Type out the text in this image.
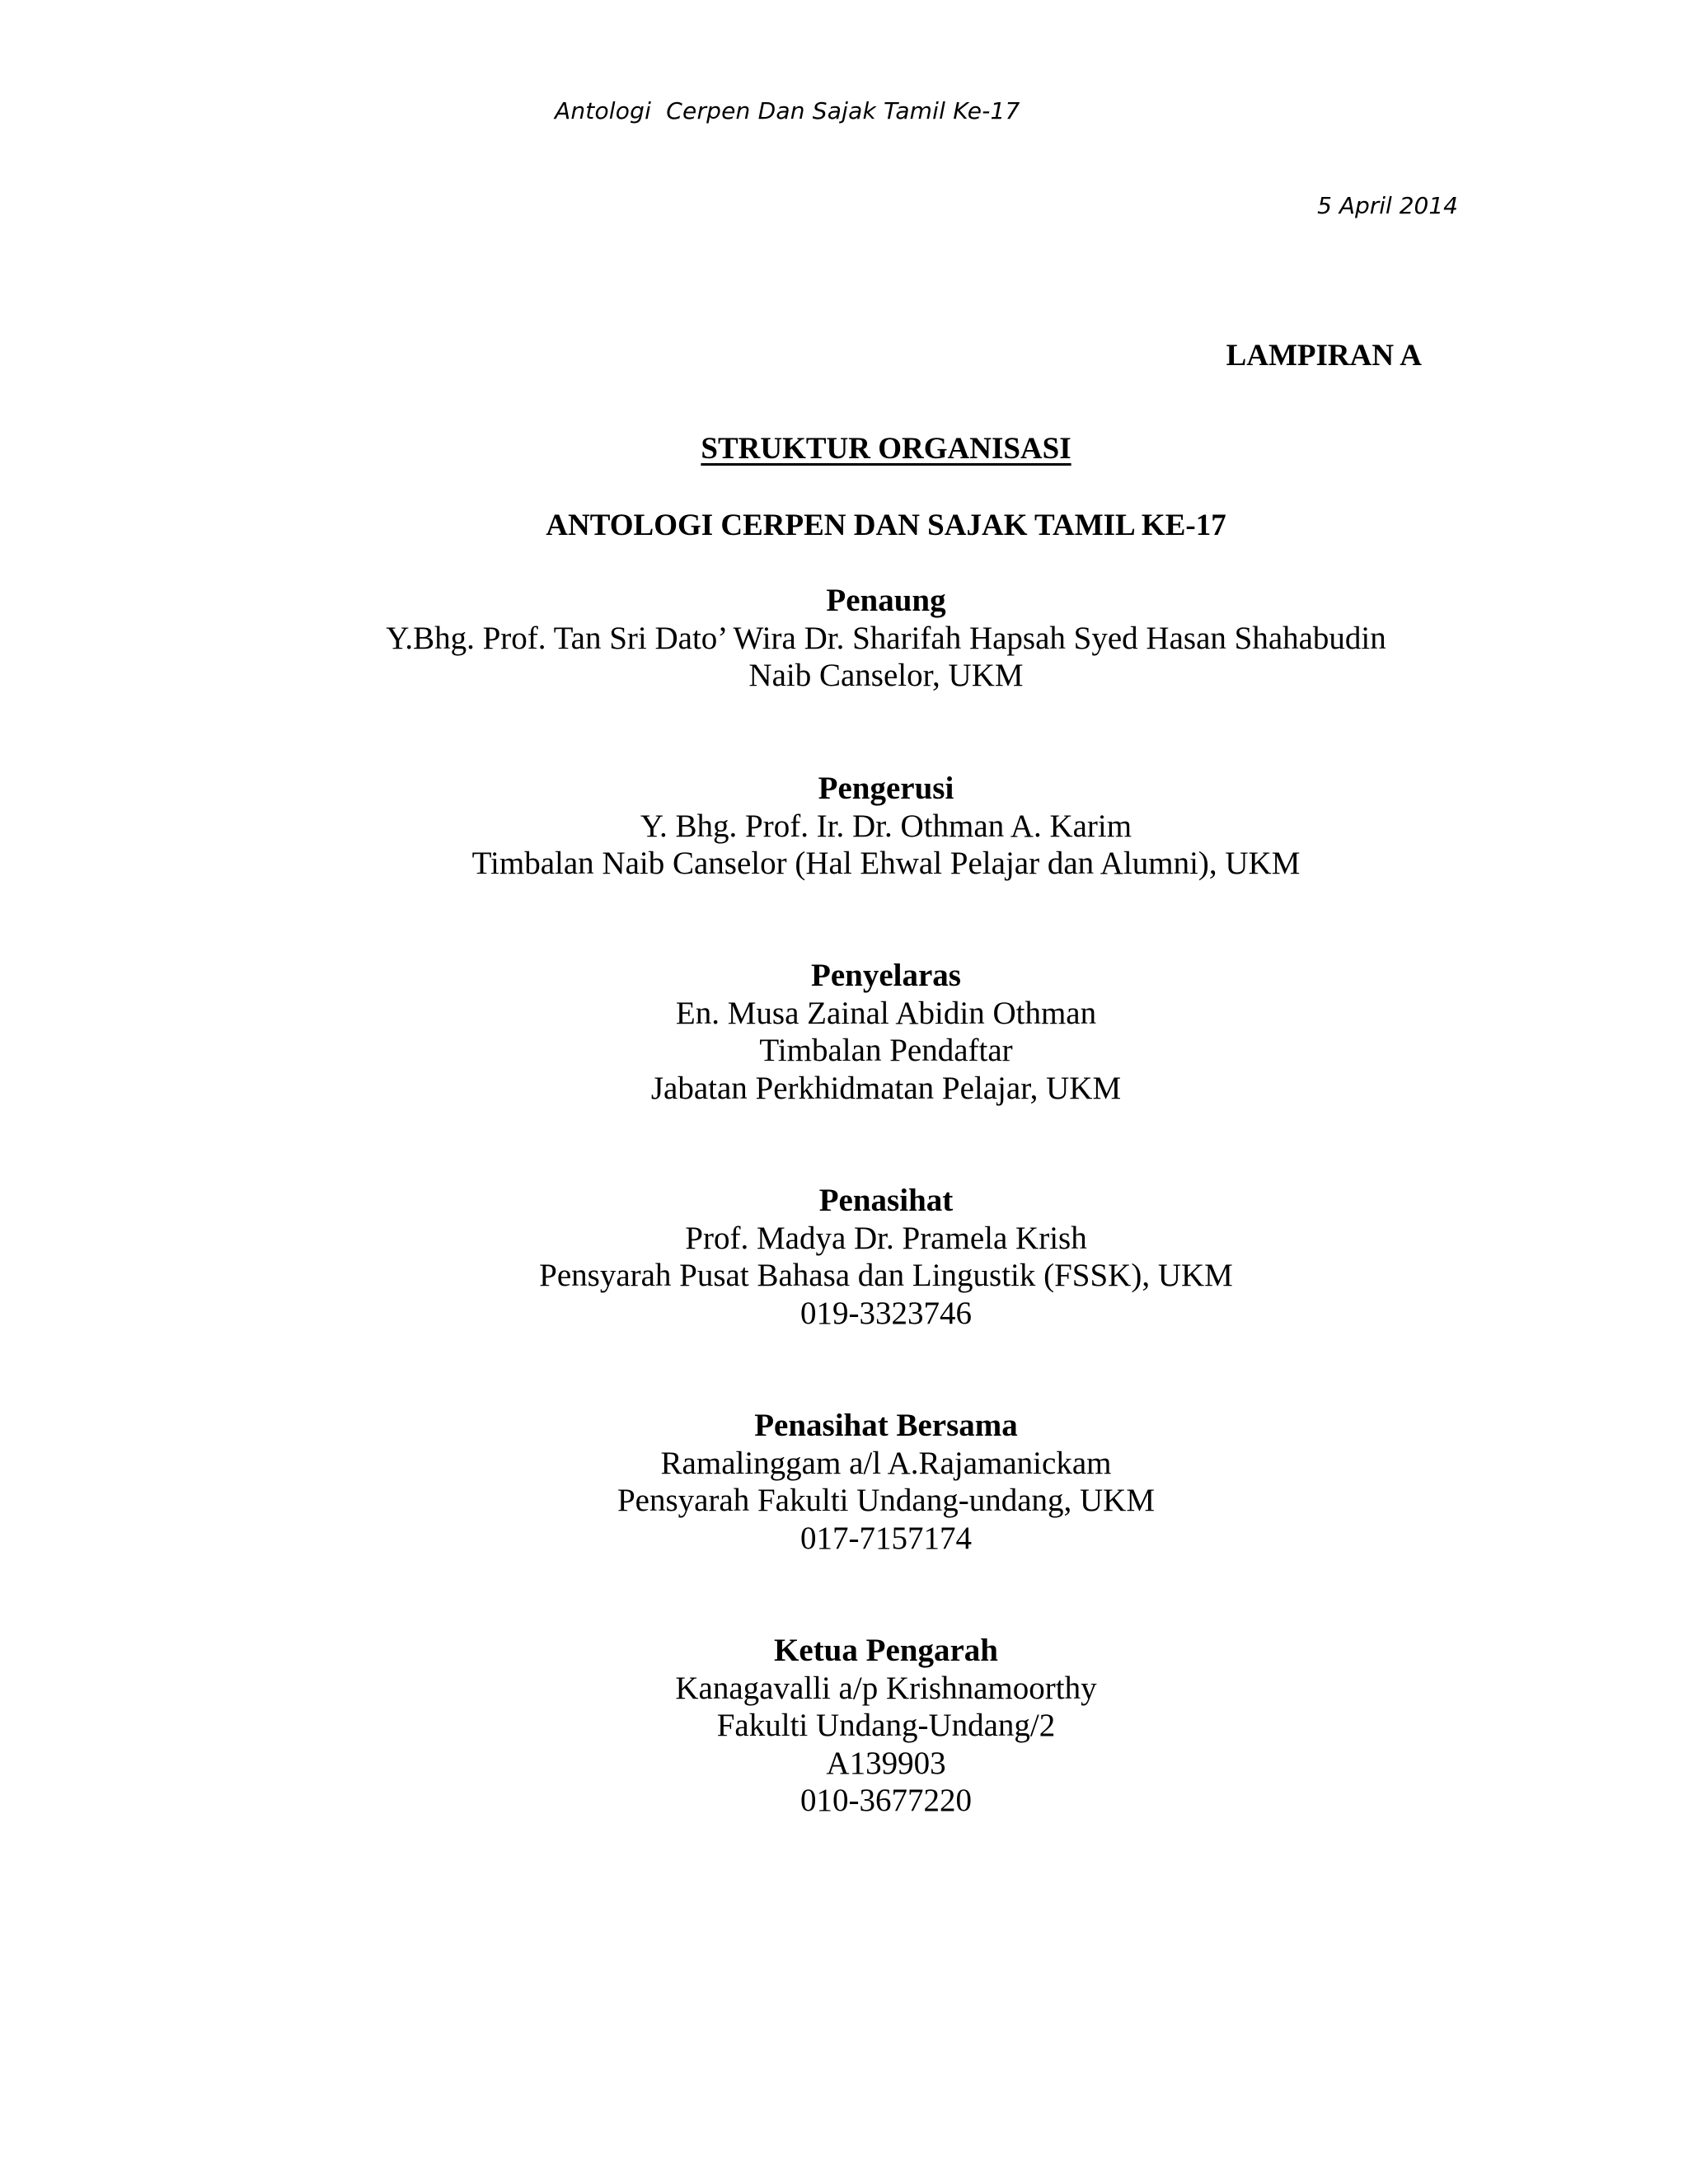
Antologi  Cerpen Dan Sajak Tamil Ke-17
5 April 2014
LAMPIRAN A
STRUKTUR ORGANISASI
ANTOLOGI CERPEN DAN SAJAK TAMIL KE-17
Penaung
Y.Bhg. Prof. Tan Sri Dato’ Wira Dr. Sharifah Hapsah Syed Hasan Shahabudin
Naib Canselor, UKM
Pengerusi
Y. Bhg. Prof. Ir. Dr. Othman A. Karim
Timbalan Naib Canselor (Hal Ehwal Pelajar dan Alumni), UKM
Penyelaras
En. Musa Zainal Abidin Othman
Timbalan Pendaftar
Jabatan Perkhidmatan Pelajar, UKM
Penasihat
Prof. Madya Dr. Pramela Krish
Pensyarah Pusat Bahasa dan Lingustik (FSSK), UKM
019-3323746
Penasihat Bersama
Ramalinggam a/l A.Rajamanickam
Pensyarah Fakulti Undang-undang, UKM
017-7157174
Ketua Pengarah
Kanagavalli a/p Krishnamoorthy
Fakulti Undang-Undang/2
A139903
010-3677220
